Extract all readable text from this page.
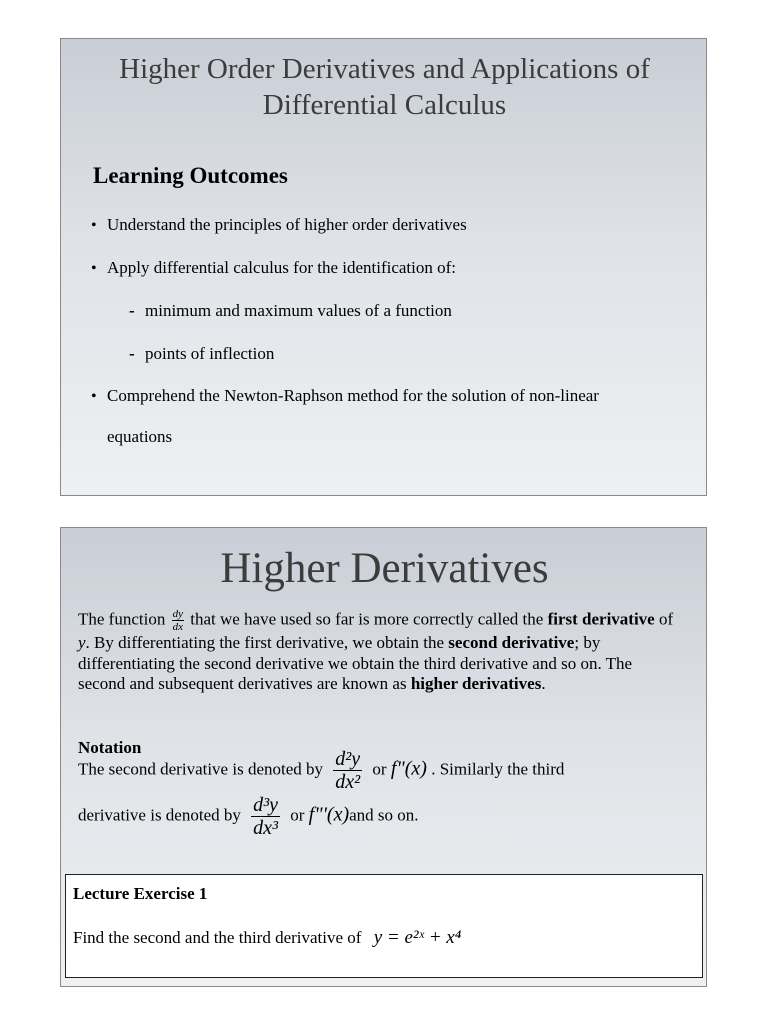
Higher Order Derivatives and Applications of
Differential Calculus
Learning Outcomes
• Understand the principles of higher order derivatives
• Apply differential calculus for the identification of:
- minimum and maximum values of a function
- points of inflection
• Comprehend the Newton-Raphson method for the solution of non-linear
equations
Higher Derivatives
The function $\frac{dy}{dx}$ that we have used so far is more correctly called the first derivative of y. By differentiating the first derivative, we obtain the second derivative; by differentiating the second derivative we obtain the third derivative and so on. The second and subsequent derivatives are known as higher derivatives.
Notation
The second derivative is denoted by $\frac{\text{d²y}}{\text{dx²}}$ or f"(x) . Similarly the third
derivative is denoted by $\frac{\text{d³y}}{\text{dx³}}$ or f"'(x)and so on.
Lecture Exercise 1
Find the second and the third derivative of y = e²ˣ + x⁴
